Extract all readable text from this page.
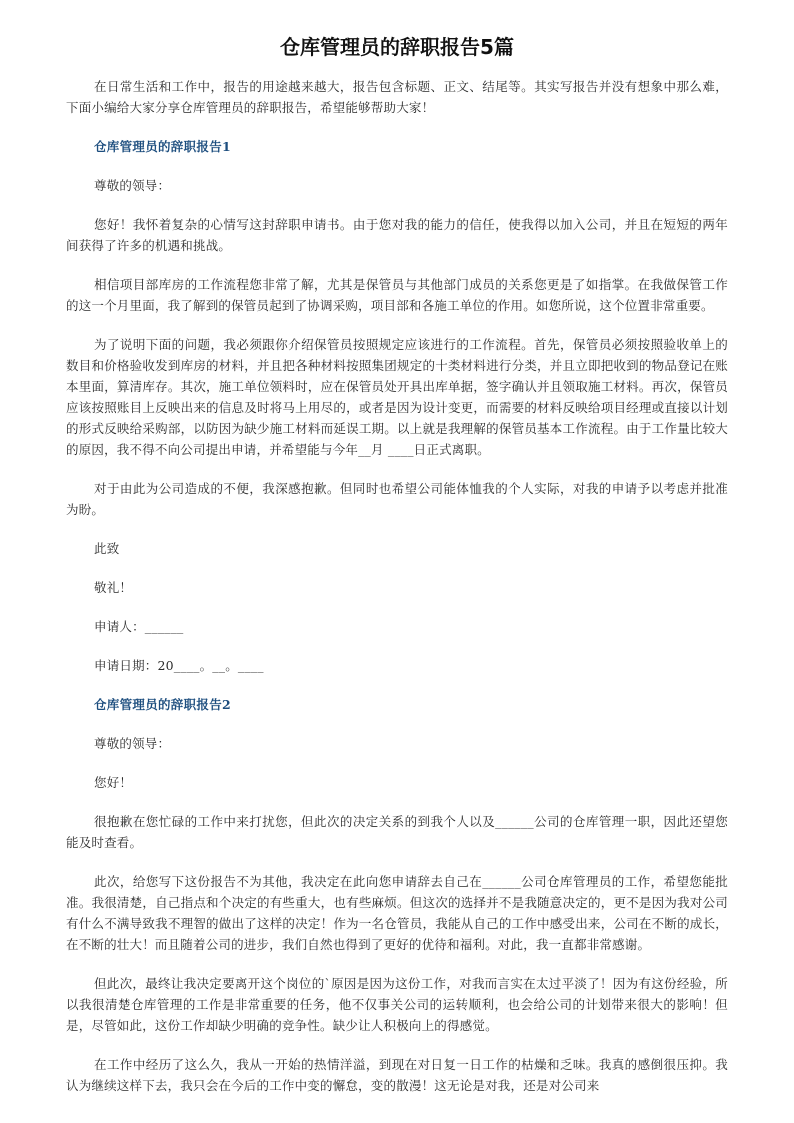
仓库管理员的辞职报告5篇

在日常生活和工作中，报告的用途越来越大，报告包含标题、正文、结尾等。其实写报告并没有想象中那么难，下面小编给大家分享仓库管理员的辞职报告，希望能够帮助大家！

仓库管理员的辞职报告1

尊敬的领导：

您好！我怀着复杂的心情写这封辞职申请书。由于您对我的能力的信任，使我得以加入公司，并且在短短的两年间获得了许多的机遇和挑战。

相信项目部库房的工作流程您非常了解，尤其是保管员与其他部门成员的关系您更是了如指掌。在我做保管工作的这一个月里面，我了解到的保管员起到了协调采购，项目部和各施工单位的作用。如您所说，这个位置非常重要。

为了说明下面的问题，我必须跟你介绍保管员按照规定应该进行的工作流程。首先，保管员必须按照验收单上的数目和价格验收发到库房的材料，并且把各种材料按照集团规定的十类材料进行分类，并且立即把收到的物品登记在账本里面，算清库存。其次，施工单位领料时，应在保管员处开具出库单据，签字确认并且领取施工材料。再次，保管员应该按照账目上反映出来的信息及时将马上用尽的，或者是因为设计变更，而需要的材料反映给项目经理或直接以计划的形式反映给采购部，以防因为缺少施工材料而延误工期。以上就是我理解的保管员基本工作流程。由于工作量比较大的原因，我不得不向公司提出申请，并希望能与今年__月 ____日正式离职。

对于由此为公司造成的不便，我深感抱歉。但同时也希望公司能体恤我的个人实际，对我的申请予以考虑并批准为盼。

此致

敬礼！

申请人：______

申请日期：20____。__。____

仓库管理员的辞职报告2

尊敬的领导：

您好！

很抱歉在您忙碌的工作中来打扰您，但此次的决定关系的到我个人以及______公司的仓库管理一职，因此还望您能及时查看。

此次，给您写下这份报告不为其他，我决定在此向您申请辞去自己在______公司仓库管理员的工作，希望您能批准。我很清楚，自己指点和个决定的有些重大，也有些麻烦。但这次的选择并不是我随意决定的，更不是因为我对公司有什么不满导致我不理智的做出了这样的决定！作为一名仓管员，我能从自己的工作中感受出来，公司在不断的成长，在不断的壮大！而且随着公司的进步，我们自然也得到了更好的优待和福利。对此，我一直都非常感谢。

但此次，最终让我决定要离开这个岗位的`原因是因为这份工作，对我而言实在太过平淡了！因为有这份经验，所以我很清楚仓库管理的工作是非常重要的任务，他不仅事关公司的运转顺利，也会给公司的计划带来很大的影响！但是，尽管如此，这份工作却缺少明确的竞争性。缺少让人积极向上的得感觉。

在工作中经历了这么久，我从一开始的热情洋溢，到现在对日复一日工作的枯燥和乏味。我真的感倒很压抑。我认为继续这样下去，我只会在今后的工作中变的懈怠，变的散漫！这无论是对我，还是对公司来
